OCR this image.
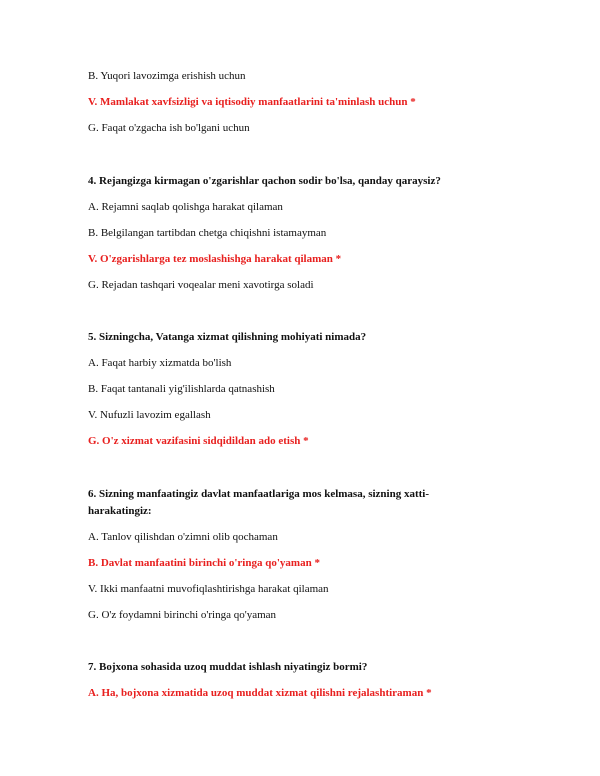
B. Yuqori lavozimga erishish uchun
V. Mamlakat xavfsizligi va iqtisodiy manfaatlarini ta'minlash uchun *
G. Faqat o'zgacha ish bo'lgani uchun
4. Rejangizga kirmagan o'zgarishlar qachon sodir bo'lsa, qanday qaraysiz?
A. Rejamni saqlab qolishga harakat qilaman
B. Belgilangan tartibdan chetga chiqishni istamayman
V. O'zgarishlarga tez moslashishga harakat qilaman *
G. Rejadan tashqari voqealar meni xavotirga soladi
5. Sizningcha, Vatanga xizmat qilishning mohiyati nimada?
A. Faqat harbiy xizmatda bo'lish
B. Faqat tantanali yig'ilishlarda qatnashish
V. Nufuzli lavozim egallash
G. O'z xizmat vazifasini sidqidildan ado etish *
6. Sizning manfaatingiz davlat manfaatlariga mos kelmasa, sizning xatti-
harakatingiz:
A. Tanlov qilishdan o'zimni olib qochaman
B. Davlat manfaatini birinchi o'ringa qo'yaman *
V. Ikki manfaatni muvofiqlashtirishga harakat qilaman
G. O'z foydamni birinchi o'ringa qo'yaman
7. Bojxona sohasida uzoq muddat ishlash niyatingiz bormi?
A. Ha, bojxona xizmatida uzoq muddat xizmat qilishni rejalashtiraman *
